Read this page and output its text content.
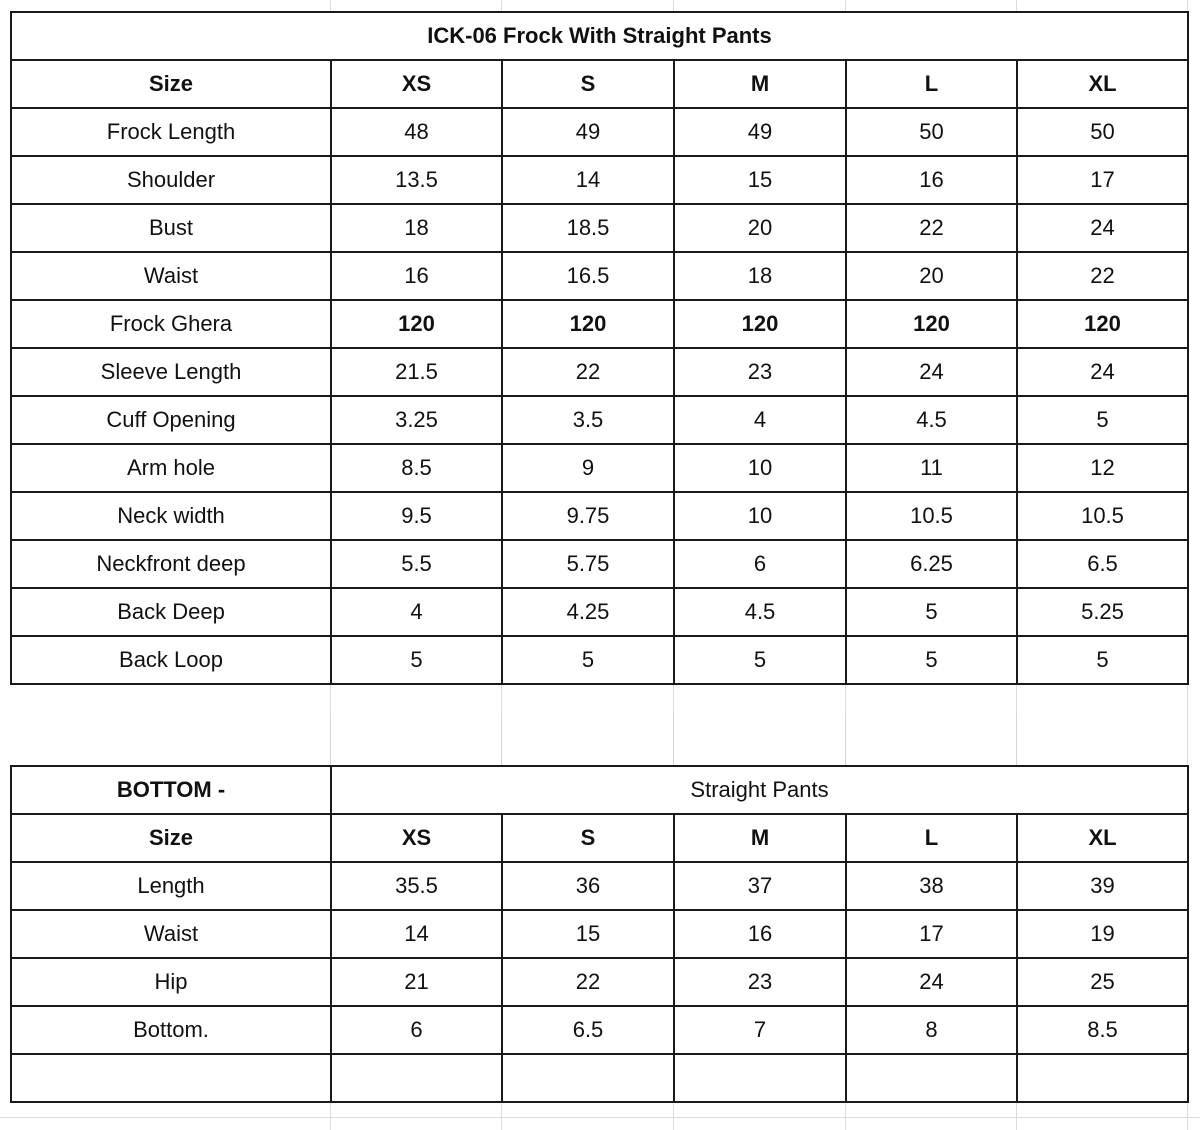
ICK-06 Frock With Straight Pants					
Size	XS	S	M	L	XL
Frock Length	48	49	49	50	50
Shoulder	13.5	14	15	16	17
Bust	18	18.5	20	22	24
Waist	16	16.5	18	20	22
Frock Ghera	120	120	120	120	120
Sleeve Length	21.5	22	23	24	24
Cuff Opening	3.25	3.5	4	4.5	5
Arm hole	8.5	9	10	11	12
Neck width	9.5	9.75	10	10.5	10.5
Neckfront deep	5.5	5.75	6	6.25	6.5
Back Deep	4	4.25	4.5	5	5.25
Back Loop	5	5	5	5	5
BOTTOM -	Straight Pants				
Size	XS	S	M	L	XL
Length	35.5	36	37	38	39
Waist	14	15	16	17	19
Hip	21	22	23	24	25
Bottom.	6	6.5	7	8	8.5
